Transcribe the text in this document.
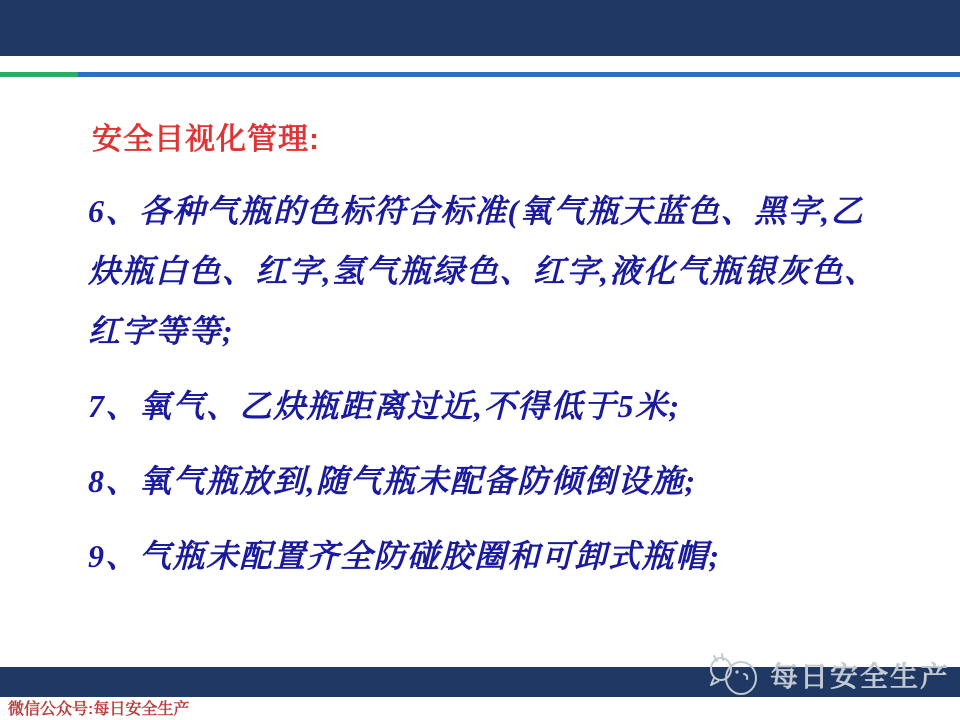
安全目视化管理:

6、各种气瓶的色标符合标准(氧气瓶天蓝色、黑字,乙

炔瓶白色、红字,氢气瓶绿色、红字,液化气瓶银灰色、

红字等等;

7、氧气、乙炔瓶距离过近,不得低于5米;

8、氧气瓶放到,随气瓶未配备防倾倒设施;

9、气瓶未配置齐全防碰胶圈和可卸式瓶帽;

每日安全生产

微信公众号:每日安全生产
